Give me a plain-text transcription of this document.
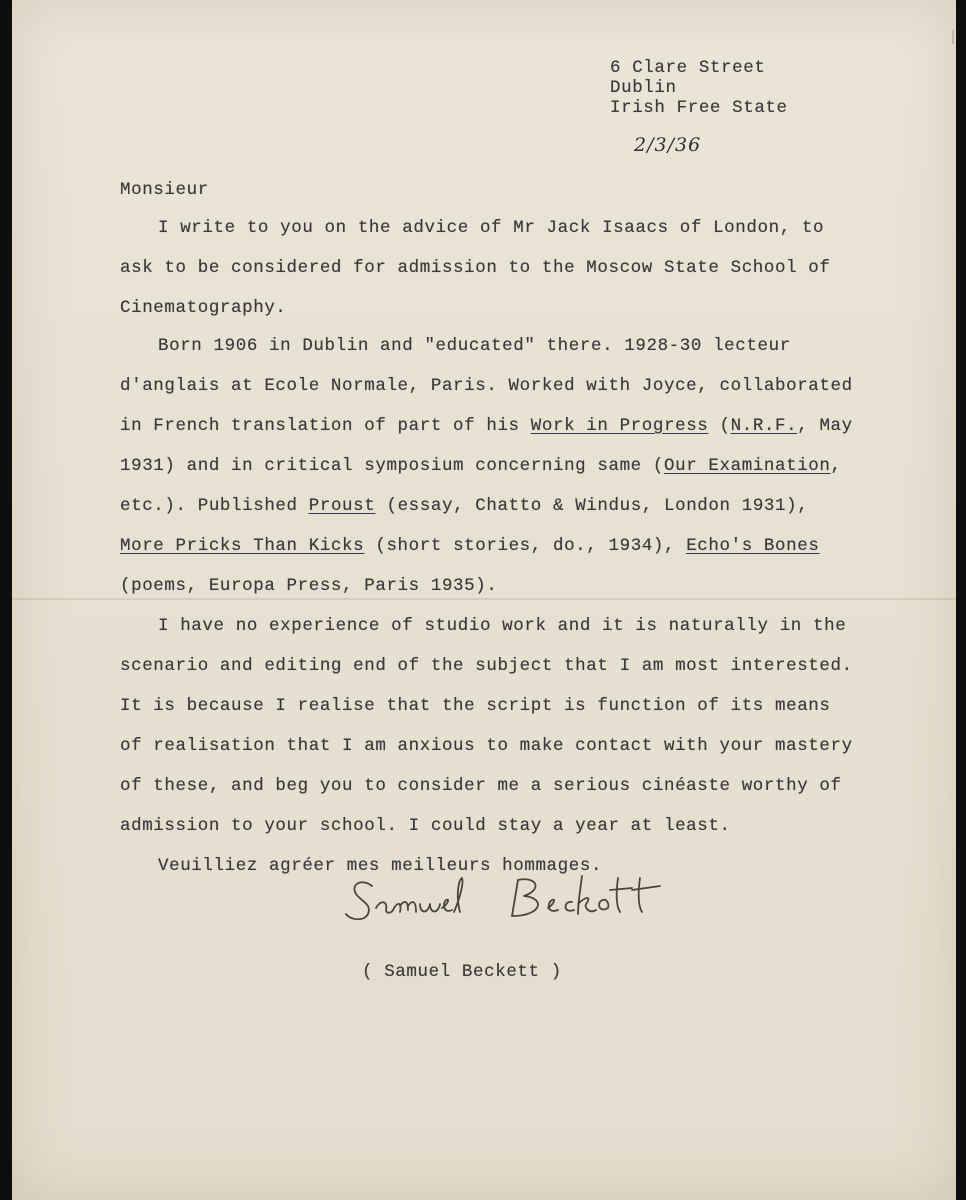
6 Clare Street
Dublin
Irish Free State
2/3/36
Monsieur
I write to you on the advice of Mr Jack Isaacs of London, to
ask to be considered for admission to the Moscow State School of
Cinematography.
Born 1906 in Dublin and "educated" there. 1928-30 lecteur
d'anglais at Ecole Normale, Paris. Worked with Joyce, collaborated
in French translation of part of his Work in Progress (N.R.F., May
1931) and in critical symposium concerning same (Our Examination,
etc.). Published Proust (essay, Chatto & Windus, London 1931),
More Pricks Than Kicks (short stories, do., 1934), Echo's Bones
(poems, Europa Press, Paris 1935).
I have no experience of studio work and it is naturally in the
scenario and editing end of the subject that I am most interested.
It is because I realise that the script is function of its means
of realisation that I am anxious to make contact with your mastery
of these, and beg you to consider me a serious cinéaste worthy of
admission to your school. I could stay a year at least.
Veuilliez agréer mes meilleurs hommages.
( Samuel Beckett )
